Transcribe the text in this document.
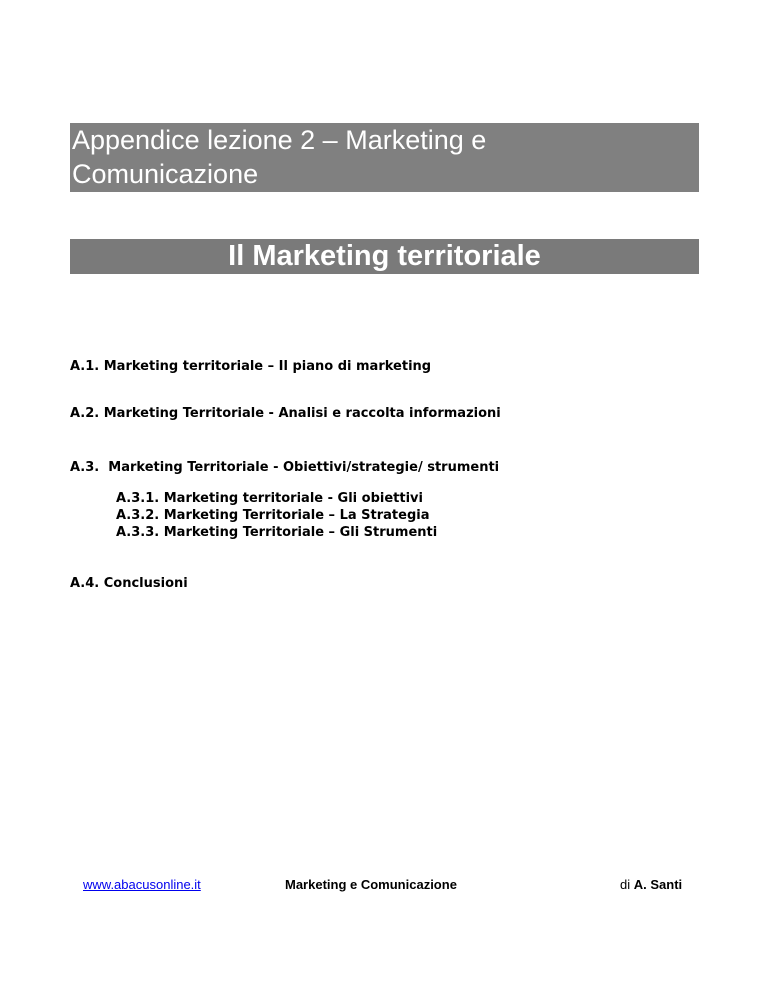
Appendice lezione 2 – Marketing e
Comunicazione
Il Marketing territoriale
A.1. Marketing territoriale – Il piano di marketing
A.2. Marketing Territoriale - Analisi e raccolta informazioni
A.3.  Marketing Territoriale - Obiettivi/strategie/ strumenti
A.3.1. Marketing territoriale - Gli obiettivi
A.3.2. Marketing Territoriale – La Strategia
A.3.3. Marketing Territoriale – Gli Strumenti
A.4. Conclusioni
www.abacusonline.it	Marketing e Comunicazione	di A. Santi
